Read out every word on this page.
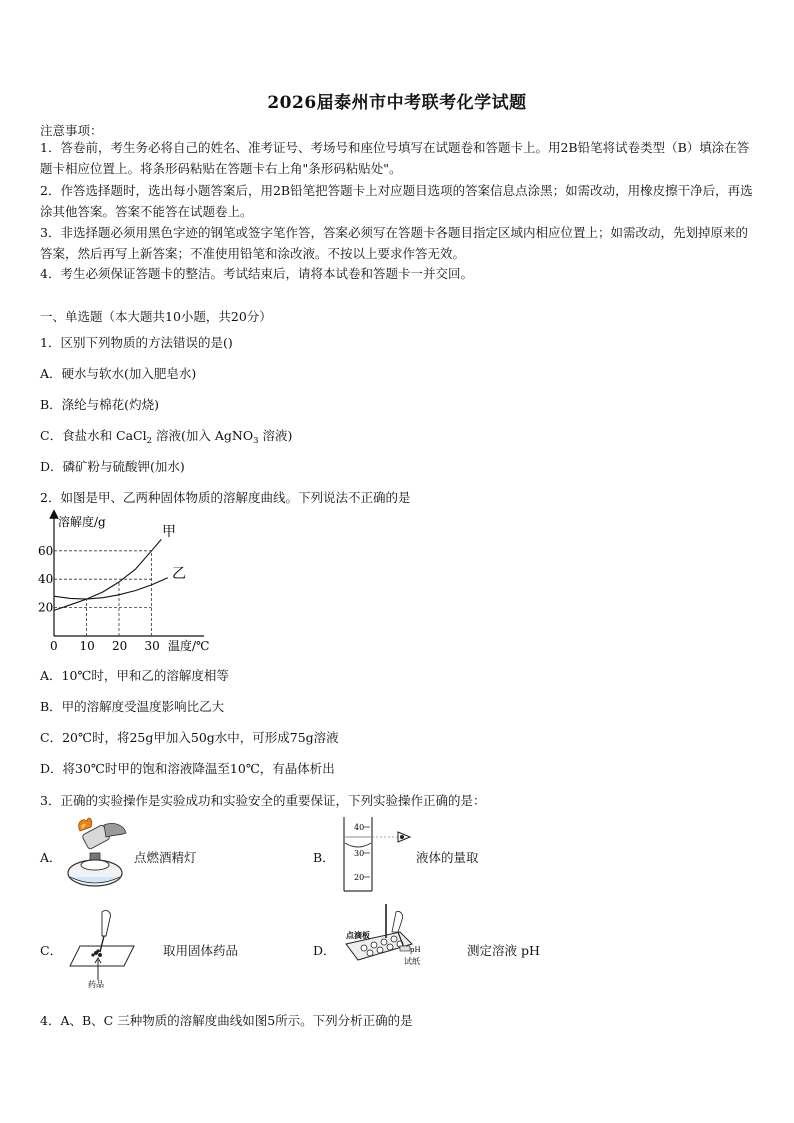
2026届泰州市中考联考化学试题
注意事项：
1．答卷前，考生务必将自己的姓名、准考证号、考场号和座位号填写在试题卷和答题卡上。用2B铅笔将试卷类型（B）填涂在答题卡相应位置上。将条形码粘贴在答题卡右上角"条形码粘贴处"。
2．作答选择题时，选出每小题答案后，用2B铅笔把答题卡上对应题目选项的答案信息点涂黑；如需改动，用橡皮擦干净后，再选涂其他答案。答案不能答在试题卷上。
3．非选择题必须用黑色字迹的钢笔或签字笔作答，答案必须写在答题卡各题目指定区域内相应位置上；如需改动，先划掉原来的答案，然后再写上新答案；不准使用铅笔和涂改液。不按以上要求作答无效。
4．考生必须保证答题卡的整洁。考试结束后，请将本试卷和答题卡一并交回。
一、单选题（本大题共10小题，共20分）
1．区别下列物质的方法错误的是()
A．硬水与软水(加入肥皂水)
B．涤纶与棉花(灼烧)
C．食盐水和 CaCl$_2$ 溶液(加入 AgNO$_3$ 溶液)
D．磷矿粉与硫酸钾(加水)
2．如图是甲、乙两种固体物质的溶解度曲线。下列说法不正确的是
60
40
20
0 10 20 30
溶解度/g
温度/℃
甲
乙
A．10℃时，甲和乙的溶解度相等
B．甲的溶解度受温度影响比乙大
C．20℃时，将25g甲加入50g水中，可形成75g溶液
D．将30℃时甲的饱和溶液降温至10℃，有晶体析出
3．正确的实验操作是实验成功和实验安全的重要保证，下列实验操作正确的是：
A．	点燃酒精灯	B．
40
30
20
液体的量取
C．
药品
取用固体药品	D．
点滴板
pH
试纸
测定溶液 pH
4．A、B、C 三种物质的溶解度曲线如图5所示。下列分析正确的是
